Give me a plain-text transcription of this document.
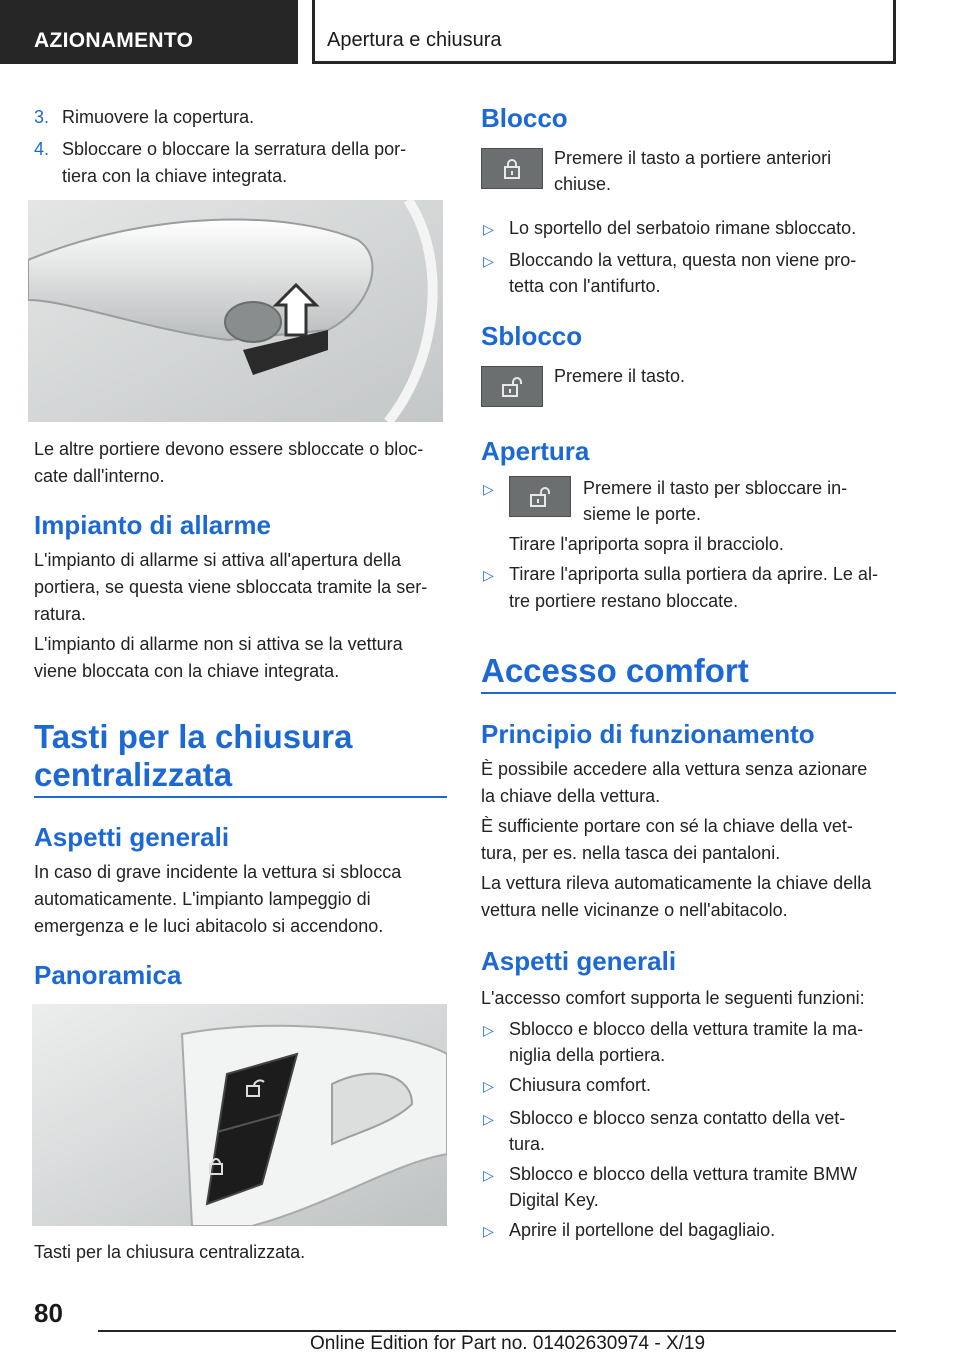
AZIONAMENTO	Apertura e chiusura
3. Rimuovere la copertura.
4. Sbloccare o bloccare la serratura della por-
tiera con la chiave integrata.
Le altre portiere devono essere sbloccate o bloc-
cate dall'interno.
Impianto di allarme
L'impianto di allarme si attiva all'apertura della
portiera, se questa viene sbloccata tramite la ser-
ratura.
L'impianto di allarme non si attiva se la vettura
viene bloccata con la chiave integrata.
Tasti per la chiusura
centralizzata
Aspetti generali
In caso di grave incidente la vettura si sblocca
automaticamente. L'impianto lampeggio di
emergenza e le luci abitacolo si accendono.
Panoramica
Tasti per la chiusura centralizzata.
Blocco
Premere il tasto a portiere anteriori
chiuse.
▷ Lo sportello del serbatoio rimane sbloccato.
▷ Bloccando la vettura, questa non viene pro-
tetta con l'antifurto.
Sblocco
Premere il tasto.
Apertura
▷	Premere il tasto per sbloccare in-
sieme le porte.
Tirare l'apriporta sopra il bracciolo.
▷ Tirare l'apriporta sulla portiera da aprire. Le al-
tre portiere restano bloccate.
Accesso comfort
Principio di funzionamento
È possibile accedere alla vettura senza azionare
la chiave della vettura.
È sufficiente portare con sé la chiave della vet-
tura, per es. nella tasca dei pantaloni.
La vettura rileva automaticamente la chiave della
vettura nelle vicinanze o nell'abitacolo.
Aspetti generali
L'accesso comfort supporta le seguenti funzioni:
▷ Sblocco e blocco della vettura tramite la ma-
niglia della portiera.
▷ Chiusura comfort.
▷ Sblocco e blocco senza contatto della vet-
tura.
▷ Sblocco e blocco della vettura tramite BMW
Digital Key.
▷ Aprire il portellone del bagagliaio.
80
Online Edition for Part no. 01402630974 - X/19
